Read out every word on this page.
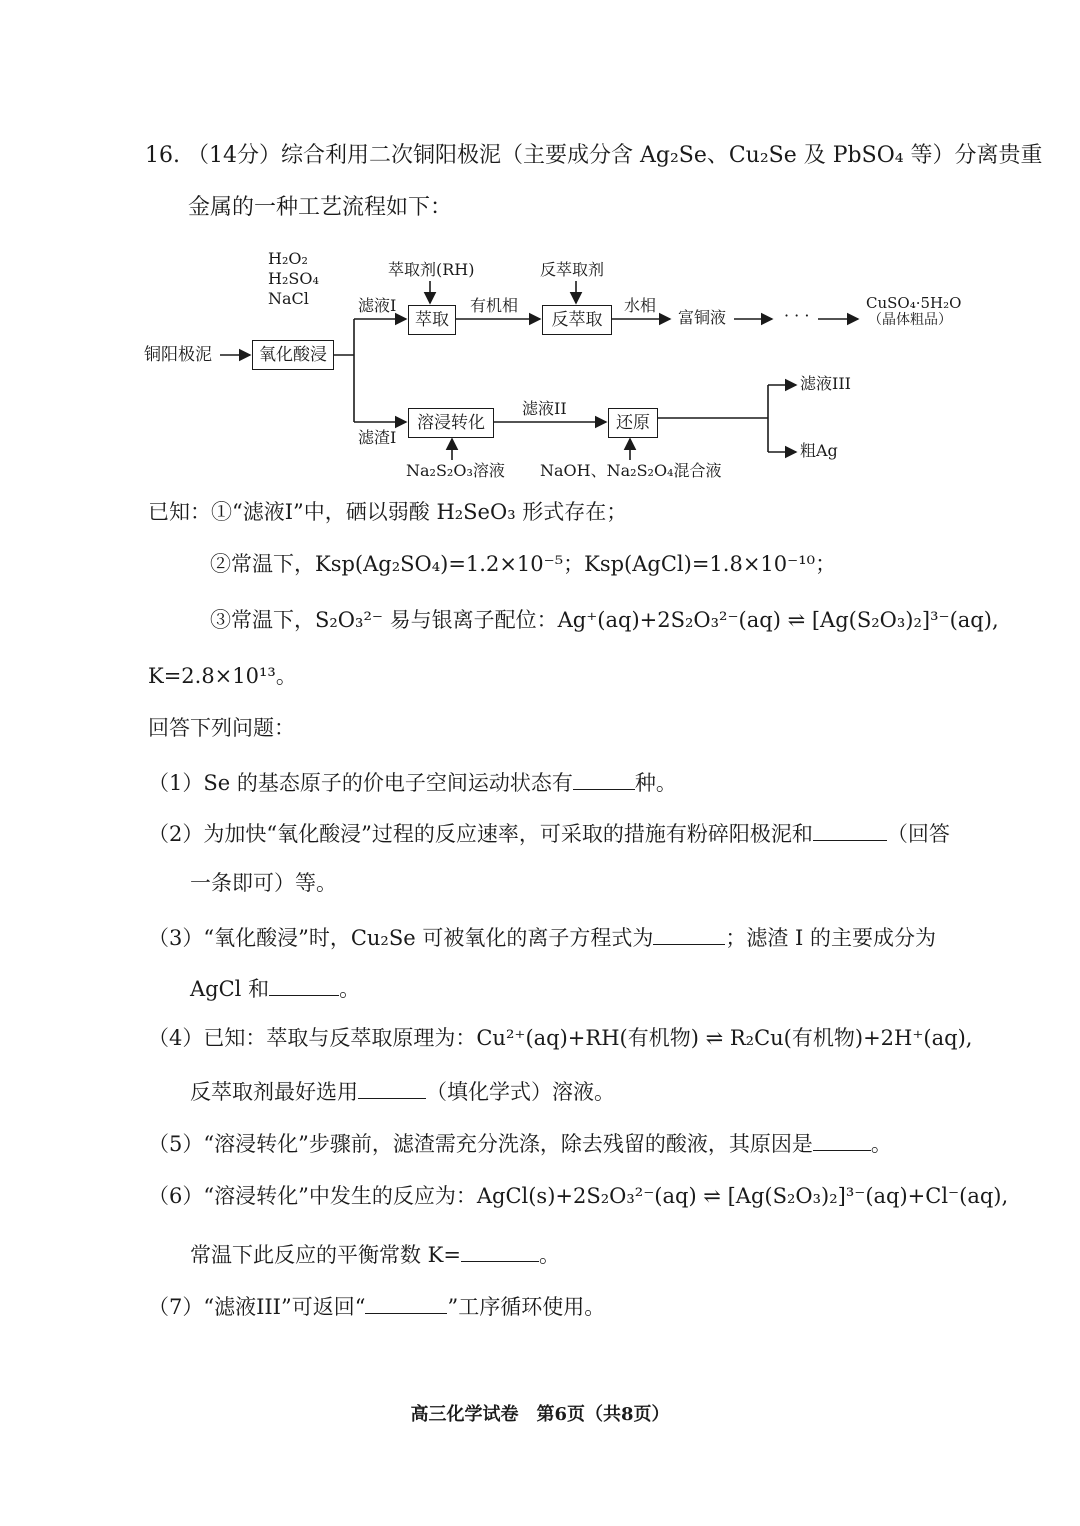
16. （14分）综合利用二次铜阳极泥（主要成分含 Ag₂Se、Cu₂Se 及 PbSO₄ 等）分离贵重
金属的一种工艺流程如下：
H₂O₂
H₂SO₄
NaCl
铜阳极泥	氧化酸浸
滤液I
萃取剂(RH)
萃取
有机相
反萃取剂
反萃取
水相
富铜液	· · ·
CuSO₄·5H₂O
（晶体粗品）
滤渣I
溶浸转化
Na₂S₂O₃溶液
滤液II
还原
NaOH、Na₂S₂O₄混合液
滤液III
粗Ag
已知：①“滤液I”中，硒以弱酸 H₂SeO₃ 形式存在；
②常温下，Ksp(Ag₂SO₄)=1.2×10⁻⁵；Ksp(AgCl)=1.8×10⁻¹⁰；
③常温下，S₂O₃²⁻ 易与银离子配位：Ag⁺(aq)+2S₂O₃²⁻(aq) ⇌ [Ag(S₂O₃)₂]³⁻(aq),
K=2.8×10¹³。
回答下列问题：
（1）Se 的基态原子的价电子空间运动状态有	种。
（2）为加快“氧化酸浸”过程的反应速率，可采取的措施有粉碎阳极泥和	（回答
一条即可）等。
（3）“氧化酸浸”时，Cu₂Se 可被氧化的离子方程式为	；滤渣 I 的主要成分为
AgCl 和	。
（4）已知：萃取与反萃取原理为：Cu²⁺(aq)+RH(有机物) ⇌ R₂Cu(有机物)+2H⁺(aq),
反萃取剂最好选用	（填化学式）溶液。
（5）“溶浸转化”步骤前，滤渣需充分洗涤，除去残留的酸液，其原因是	。
（6）“溶浸转化”中发生的反应为：AgCl(s)+2S₂O₃²⁻(aq) ⇌ [Ag(S₂O₃)₂]³⁻(aq)+Cl⁻(aq),
常温下此反应的平衡常数 K=	。
（7）“滤液III”可返回“	”工序循环使用。
高三化学试卷　第6页（共8页）
